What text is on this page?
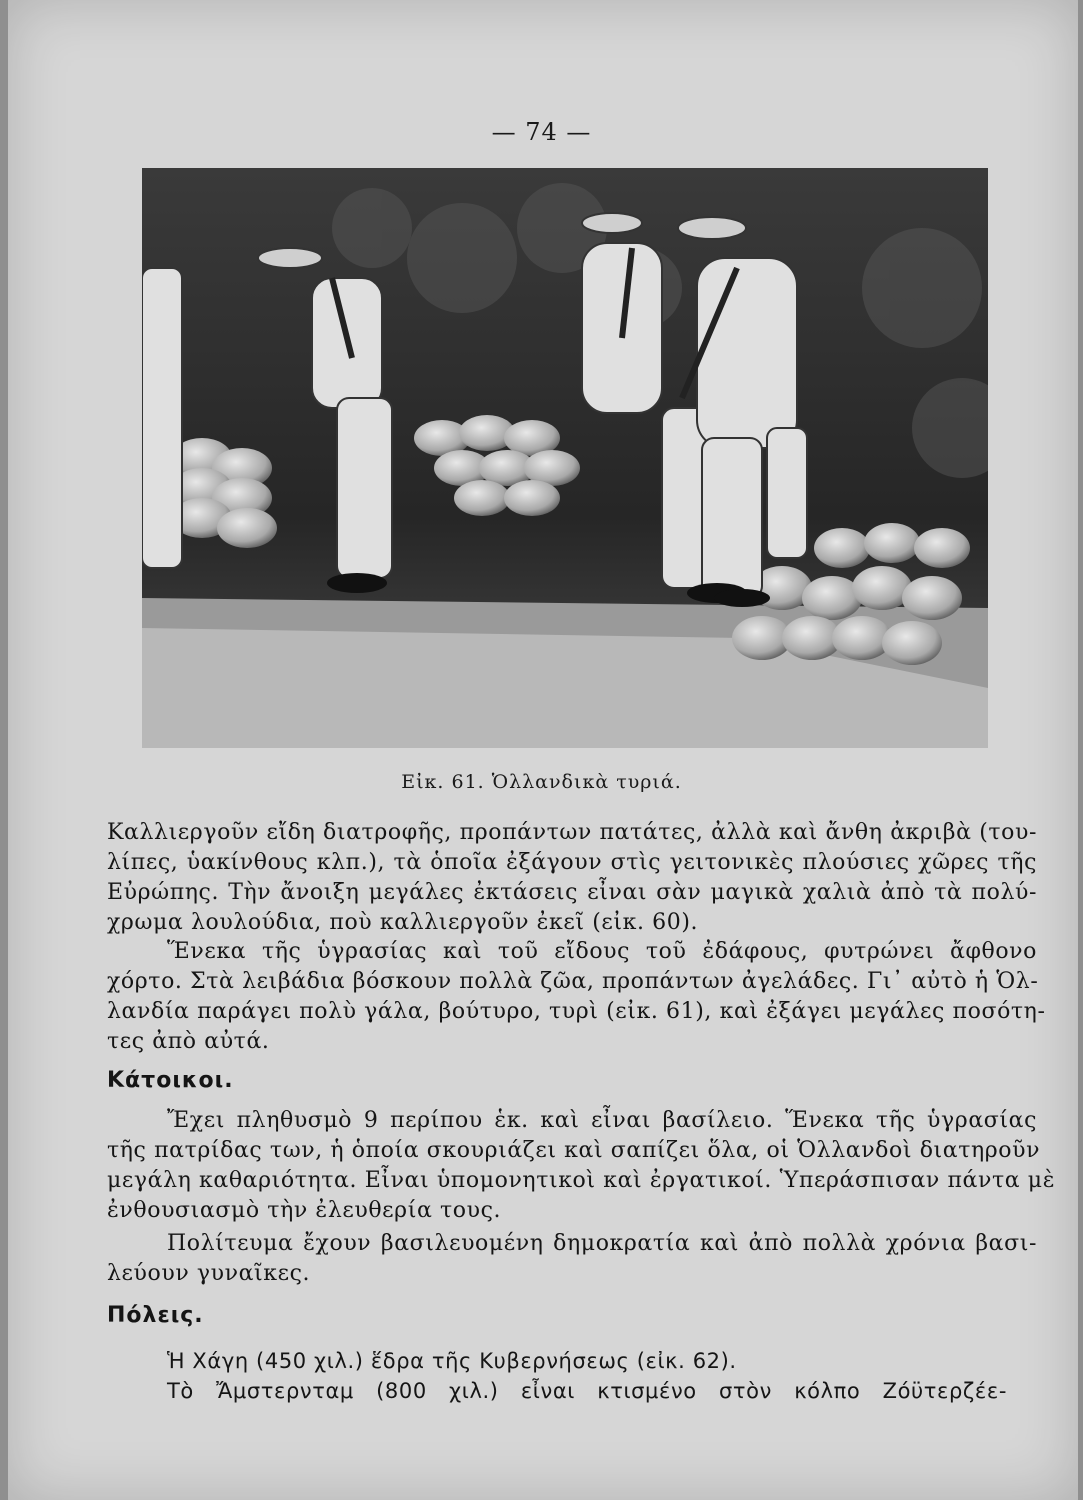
— 74 —
Εἰκ. 61. Ὁλλανδικὰ τυριά.
Καλλιεργοῦν εἴδη διατροφῆς, προπάντων πατάτες, ἀλλὰ καὶ ἄνθη ἀκριβὰ (του-
λίπες, ὑακίνθους κλπ.), τὰ ὁποῖα ἐξάγουν στὶς γειτονικὲς πλούσιες χῶρες τῆς
Εὐρώπης. Τὴν ἄνοιξη μεγάλες ἐκτάσεις εἶναι σὰν μαγικὰ χαλιὰ ἀπὸ τὰ πολύ-
χρωμα λουλούδια, ποὺ καλλιεργοῦν ἐκεῖ (εἰκ. 60).
Ἕνεκα τῆς ὑγρασίας καὶ τοῦ εἴδους τοῦ ἐδάφους, φυτρώνει ἄφθονο
χόρτο. Στὰ λειβάδια βόσκουν πολλὰ ζῶα, προπάντων ἀγελάδες. Γι᾿ αὐτὸ ἡ Ὁλ-
λανδία παράγει πολὺ γάλα, βούτυρο, τυρὶ (εἰκ. 61), καὶ ἐξάγει μεγάλες ποσότη-
τες ἀπὸ αὐτά.
Κάτοικοι.
Ἔχει πληθυσμὸ 9 περίπου ἑκ. καὶ εἶναι βασίλειο. Ἕνεκα τῆς ὑγρασίας
τῆς πατρίδας των, ἡ ὁποία σκουριάζει καὶ σαπίζει ὅλα, οἱ Ὁλλανδοὶ διατηροῦν
μεγάλη καθαριότητα. Εἶναι ὑπομονητικοὶ καὶ ἐργατικοί. Ὑπεράσπισαν πάντα μὲ
ἐνθουσιασμὸ τὴν ἐλευθερία τους.
Πολίτευμα ἔχουν βασιλευομένη δημοκρατία καὶ ἀπὸ πολλὰ χρόνια βασι-
λεύουν γυναῖκες.
Πόλεις.
Ἡ Χάγη (450 χιλ.) ἕδρα τῆς Κυβερνήσεως (εἰκ. 62).
Τὸ Ἄμστερνταμ (800 χιλ.) εἶναι κτισμένο στὸν κόλπο Ζόϋτερζέε-
